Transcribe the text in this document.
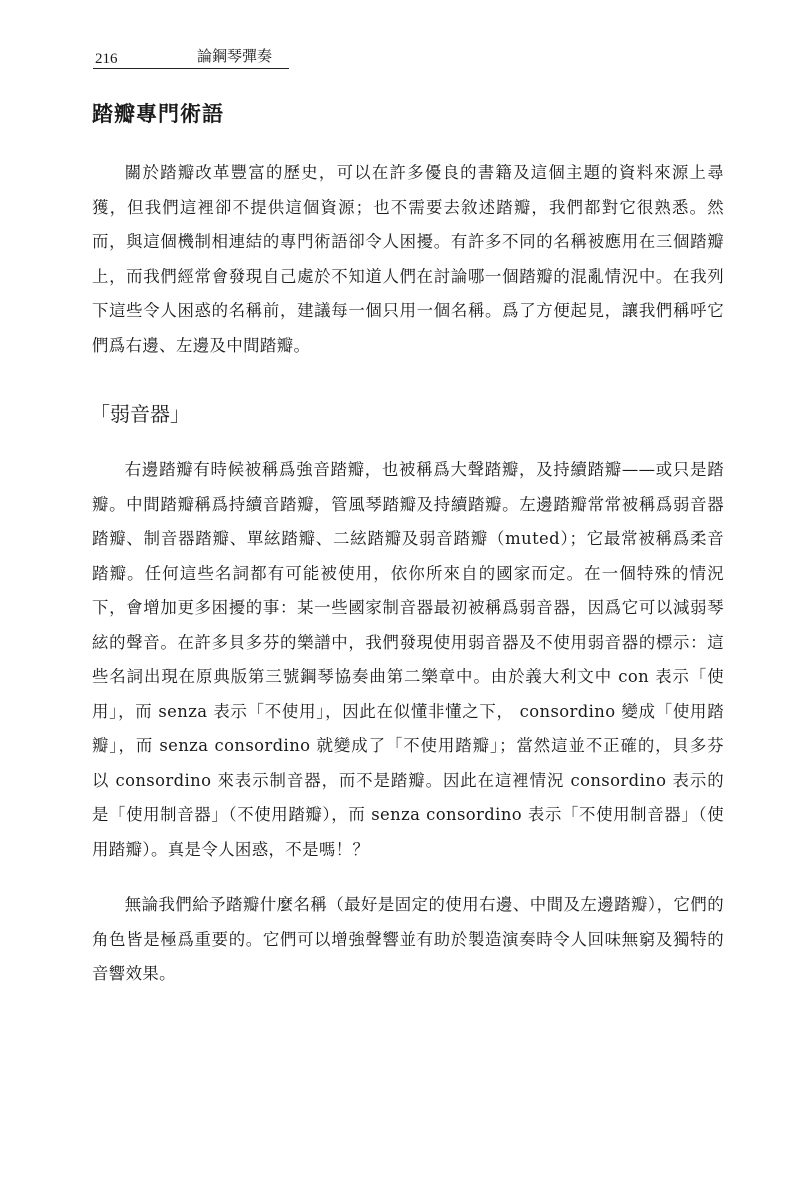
216	論鋼琴彈奏
踏瓣專門術語

關於踏瓣改革豐富的歷史，可以在許多優良的書籍及這個主題的資料來源上尋獲，但我們這裡卻不提供這個資源；也不需要去敘述踏瓣，我們都對它很熟悉。然而，與這個機制相連結的專門術語卻令人困擾。有許多不同的名稱被應用在三個踏瓣上，而我們經常會發現自己處於不知道人們在討論哪一個踏瓣的混亂情況中。在我列下這些令人困惑的名稱前，建議每一個只用一個名稱。爲了方便起見，讓我們稱呼它們爲右邊、左邊及中間踏瓣。

「弱音器」

右邊踏瓣有時候被稱爲強音踏瓣，也被稱爲大聲踏瓣，及持續踏瓣——或只是踏瓣。中間踏瓣稱爲持續音踏瓣，管風琴踏瓣及持續踏瓣。左邊踏瓣常常被稱爲弱音器踏瓣、制音器踏瓣、單絃踏瓣、二絃踏瓣及弱音踏瓣（muted）；它最常被稱爲柔音踏瓣。任何這些名詞都有可能被使用，依你所來自的國家而定。在一個特殊的情況下，會增加更多困擾的事：某一些國家制音器最初被稱爲弱音器，因爲它可以減弱琴絃的聲音。在許多貝多芬的樂譜中，我們發現使用弱音器及不使用弱音器的標示：這些名詞出現在原典版第三號鋼琴協奏曲第二樂章中。由於義大利文中 con 表示「使用」，而 senza 表示「不使用」，因此在似懂非懂之下， consordino 變成「使用踏瓣」，而 senza consordino 就變成了「不使用踏瓣」；當然這並不正確的，貝多芬以 consordino 來表示制音器，而不是踏瓣。因此在這裡情況 consordino 表示的是「使用制音器」（不使用踏瓣），而 senza consordino 表示「不使用制音器」（使用踏瓣）。真是令人困惑，不是嗎！？

無論我們給予踏瓣什麼名稱（最好是固定的使用右邊、中間及左邊踏瓣），它們的角色皆是極爲重要的。它們可以增強聲響並有助於製造演奏時令人回味無窮及獨特的音響效果。
